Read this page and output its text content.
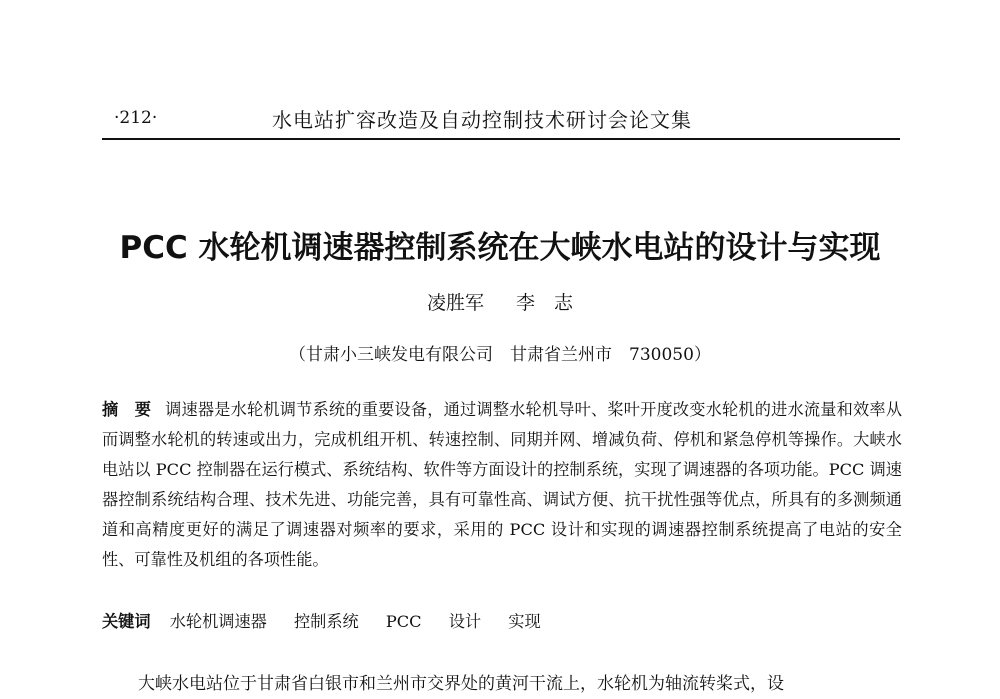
·212·	水电站扩容改造及自动控制技术研讨会论文集
PCC 水轮机调速器控制系统在大峡水电站的设计与实现
凌胜军 李　志
（甘肃小三峡发电有限公司　甘肃省兰州市　730050）
摘　要 调速器是水轮机调节系统的重要设备，通过调整水轮机导叶、桨叶开度改变水轮机的进水流量和效率从而调整水轮机的转速或出力，完成机组开机、转速控制、同期并网、增减负荷、停机和紧急停机等操作。大峡水电站以 PCC 控制器在运行模式、系统结构、软件等方面设计的控制系统，实现了调速器的各项功能。PCC 调速器控制系统结构合理、技术先进、功能完善，具有可靠性高、调试方便、抗干扰性强等优点，所具有的多测频通道和高精度更好的满足了调速器对频率的要求，采用的 PCC 设计和实现的调速器控制系统提高了电站的安全性、可靠性及机组的各项性能。
关键词 水轮机调速器 控制系统 PCC 设计 实现
大峡水电站位于甘肃省白银市和兰州市交界处的黄河干流上，水轮机为轴流转桨式，设
